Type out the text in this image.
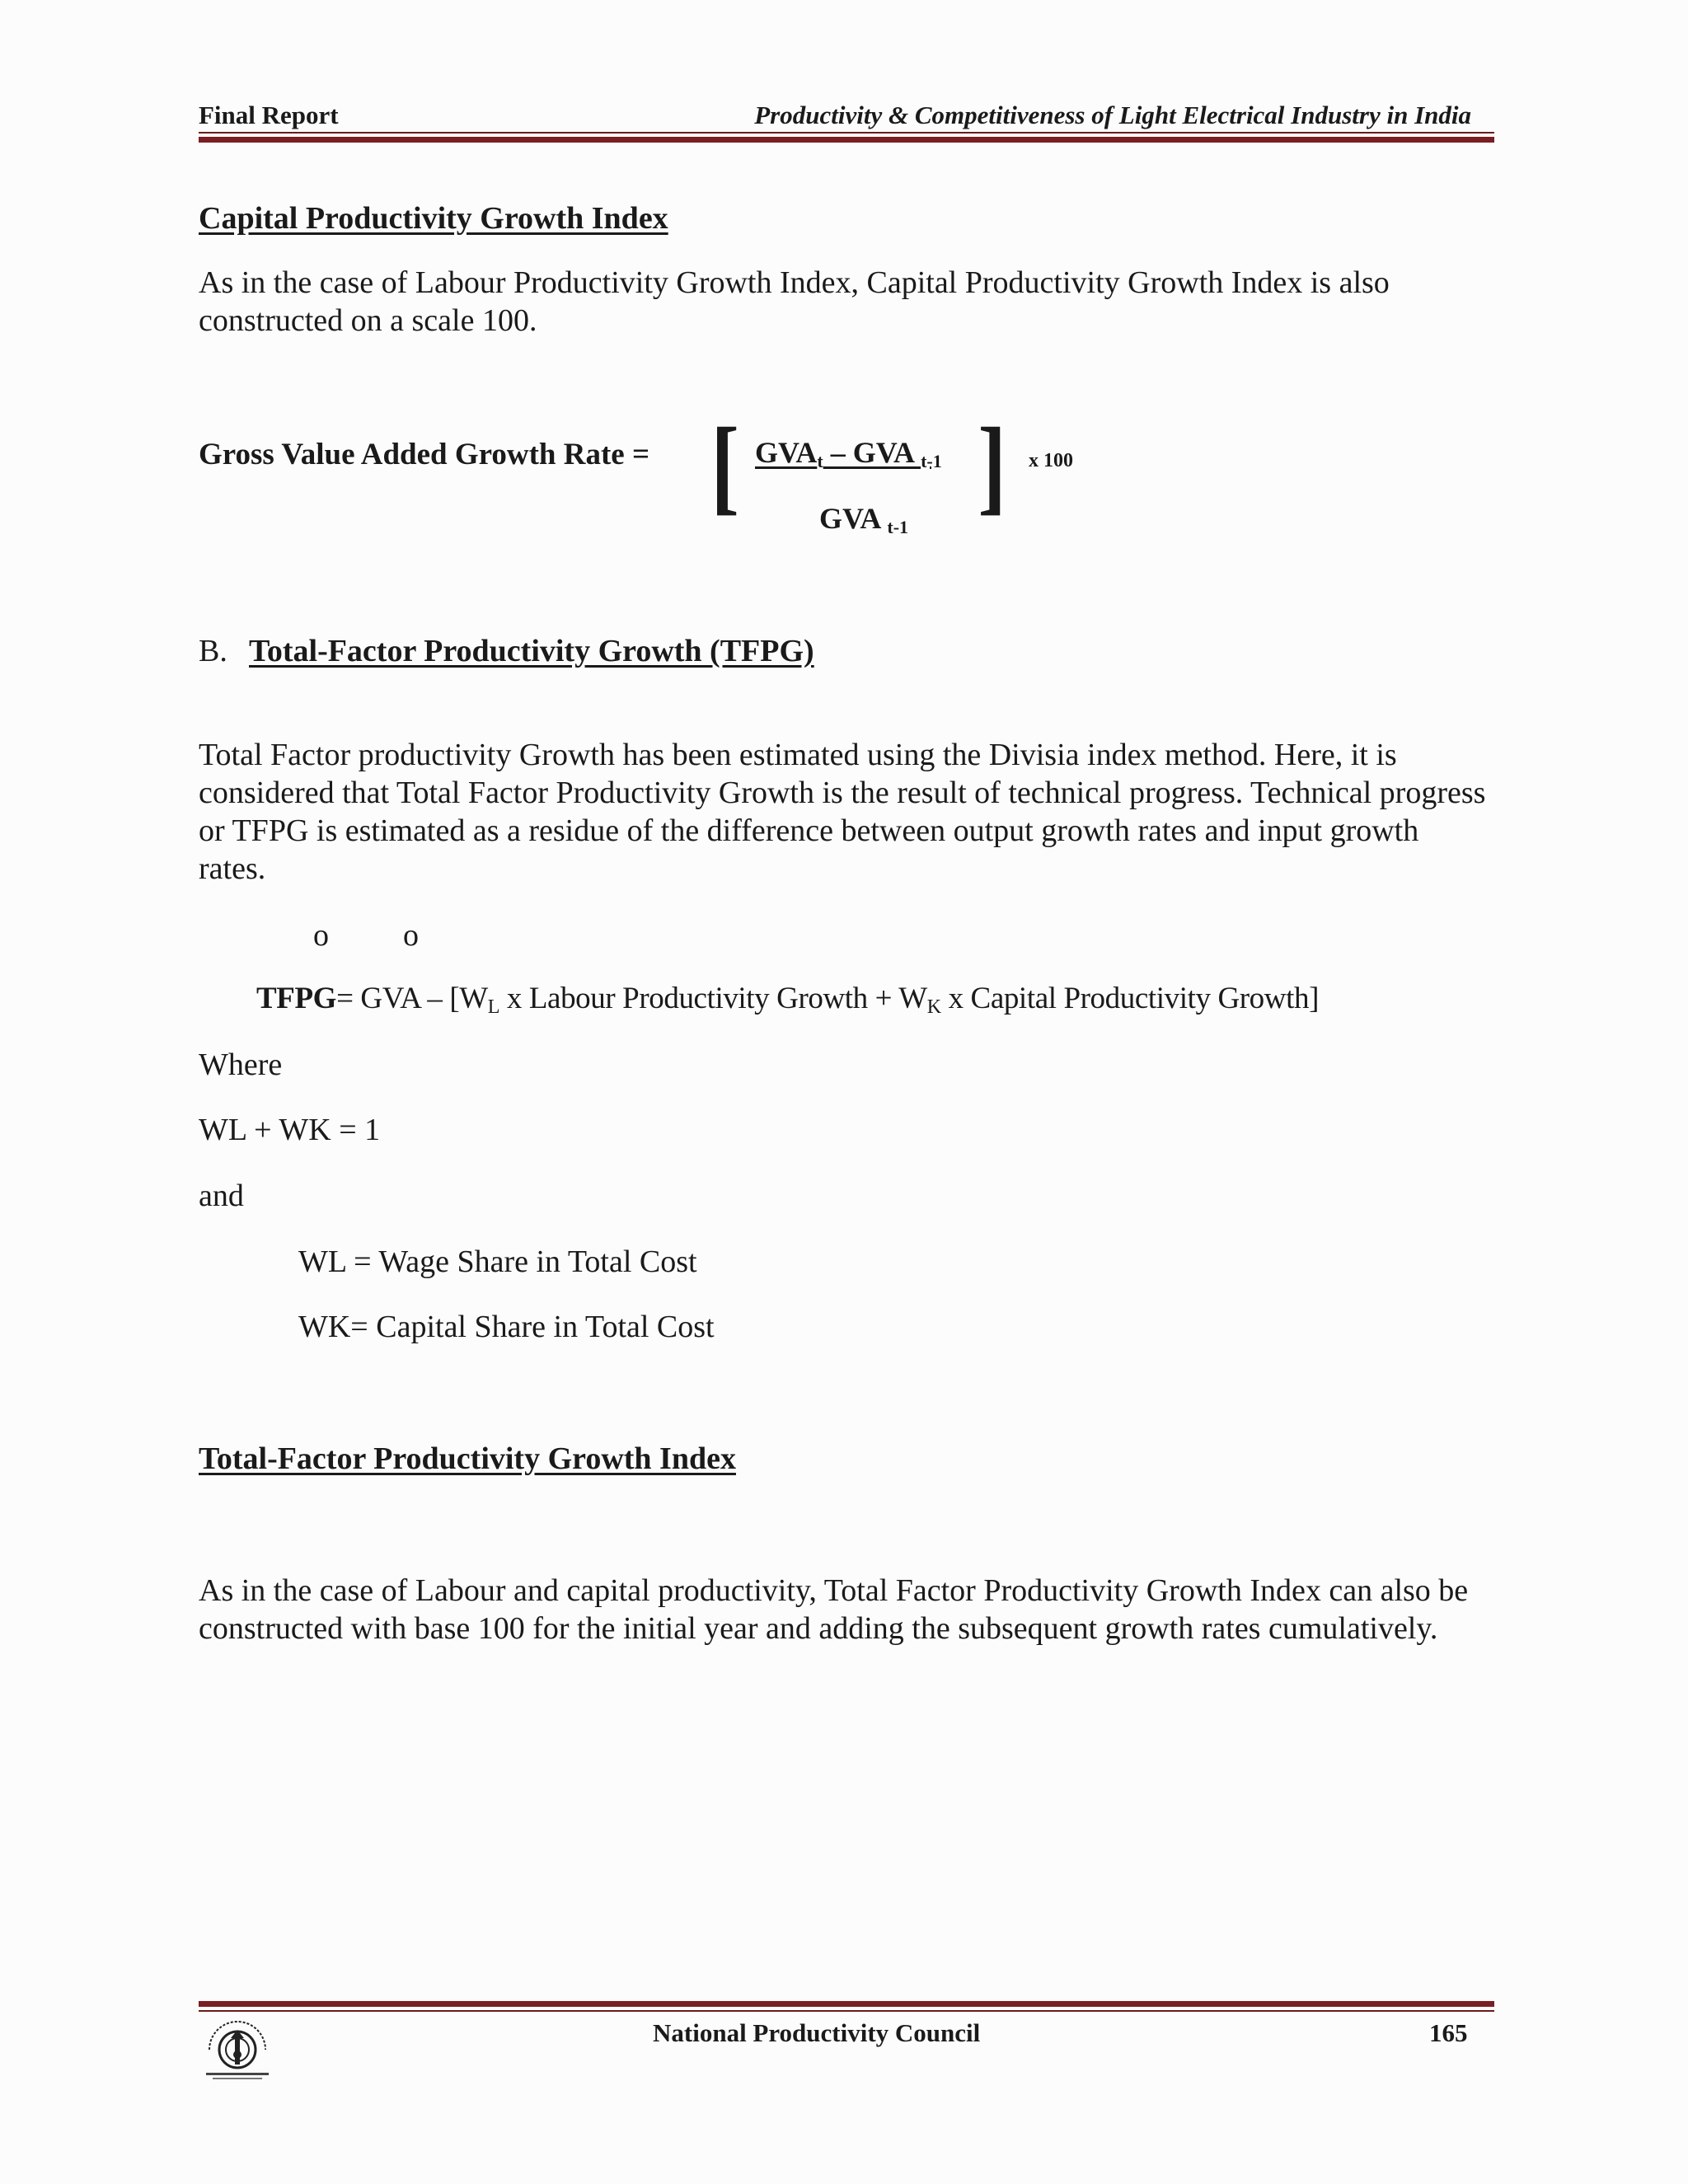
Final Report	Productivity & Competitiveness of Light Electrical Industry in India
Capital Productivity Growth Index
As in the case of Labour Productivity Growth Index, Capital Productivity Growth Index is also constructed on a scale 100.
Gross Value Added Growth Rate = [ $GVA_t$ – GVA $_{t-1}$
GVA $_{t-1}$
] x 100
B. Total-Factor Productivity Growth (TFPG)
Total Factor productivity Growth has been estimated using the Divisia index method. Here, it is considered that Total Factor Productivity Growth is the result of technical progress. Technical progress or TFPG is estimated as a residue of the difference between output growth rates and input growth rates.
o o
TFPG= GVA – [$W_L$ x Labour Productivity Growth + $W_K$ x Capital Productivity Growth]
Where
WL + WK = 1
and
WL = Wage Share in Total Cost
WK= Capital Share in Total Cost
Total-Factor Productivity Growth Index
As in the case of Labour and capital productivity, Total Factor Productivity Growth Index can also be constructed with base 100 for the initial year and adding the subsequent growth rates cumulatively.
National Productivity Council	165
